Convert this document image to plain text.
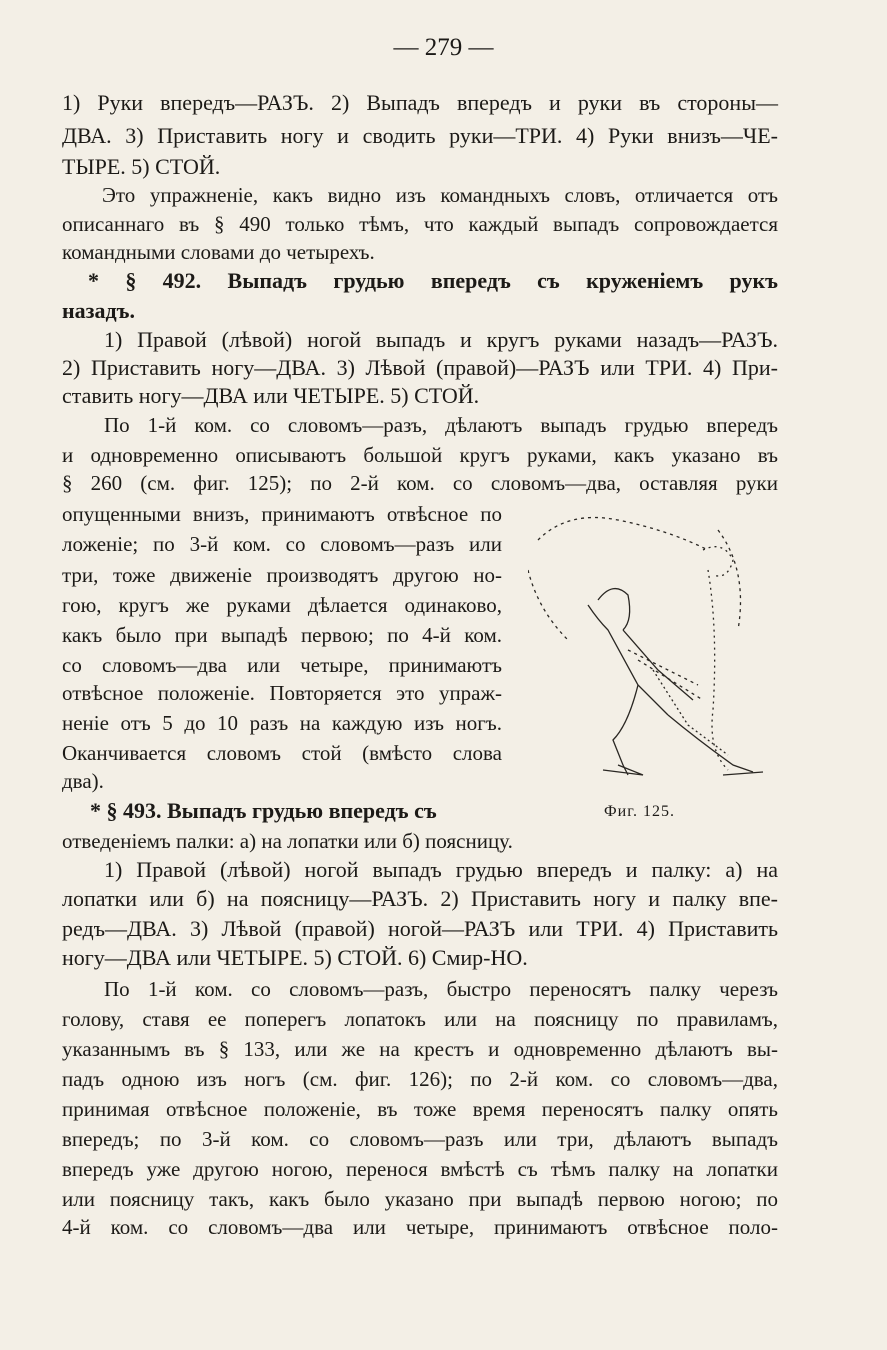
— 279 —
1) Руки впередъ—РАЗЪ. 2) Выпадъ впередъ и руки въ стороны—
ДВА. 3) Приставить ногу и сводить руки—ТРИ. 4) Руки внизъ—ЧЕ-
ТЫРЕ. 5) СТОЙ.
Это упражненіе, какъ видно изъ командныхъ словъ, отличается отъ
описаннаго въ § 490 только тѣмъ, что каждый выпадъ сопровождается
командными словами до четырехъ.
* § 492. Выпадъ грудью впередъ съ круженіемъ рукъ
назадъ.
1) Правой (лѣвой) ногой выпадъ и кругъ руками назадъ—РАЗЪ.
2) Приставить ногу—ДВА. 3) Лѣвой (правой)—РАЗЪ или ТРИ. 4) При-
ставить ногу—ДВА или ЧЕТЫРЕ. 5) СТОЙ.
По 1-й ком. со словомъ—разъ, дѣлаютъ выпадъ грудью впередъ
и одновременно описываютъ большой кругъ руками, какъ указано въ
§ 260 (см. фиг. 125); по 2-й ком. со словомъ—два, оставляя руки
опущенными внизъ, принимаютъ отвѣсное по
ложеніе; по 3-й ком. со словомъ—разъ или
три, тоже движеніе производятъ другою но-
гою, кругъ же руками дѣлается одинаково,
какъ было при выпадѣ первою; по 4-й ком.
со словомъ—два или четыре, принимаютъ
отвѣсное положеніе. Повторяется это упраж-
неніе отъ 5 до 10 разъ на каждую изъ ногъ.
Оканчивается словомъ стой (вмѣсто слова
два).
* § 493. Выпадъ грудью впередъ съ
отведеніемъ палки: а) на лопатки или б) поясницу.
1) Правой (лѣвой) ногой выпадъ грудью впередъ и палку: а) на
лопатки или б) на поясницу—РАЗЪ. 2) Приставить ногу и палку впе-
редъ—ДВА. 3) Лѣвой (правой) ногой—РАЗЪ или ТРИ. 4) Приставить
ногу—ДВА или ЧЕТЫРЕ. 5) СТОЙ. 6) Смир-НО.
По 1-й ком. со словомъ—разъ, быстро переносятъ палку черезъ
голову, ставя ее поперегъ лопатокъ или на поясницу по правиламъ,
указаннымъ въ § 133, или же на крестъ и одновременно дѣлаютъ вы-
падъ одною изъ ногъ (см. фиг. 126); по 2-й ком. со словомъ—два,
принимая отвѣсное положеніе, въ тоже время переносятъ палку опять
впередъ; по 3-й ком. со словомъ—разъ или три, дѣлаютъ выпадъ
впередъ уже другою ногою, перенося вмѣстѣ съ тѣмъ палку на лопатки
или поясницу такъ, какъ было указано при выпадѣ первою ногою; по
4-й ком. со словомъ—два или четыре, принимаютъ отвѣсное поло-
Фиг. 125.
